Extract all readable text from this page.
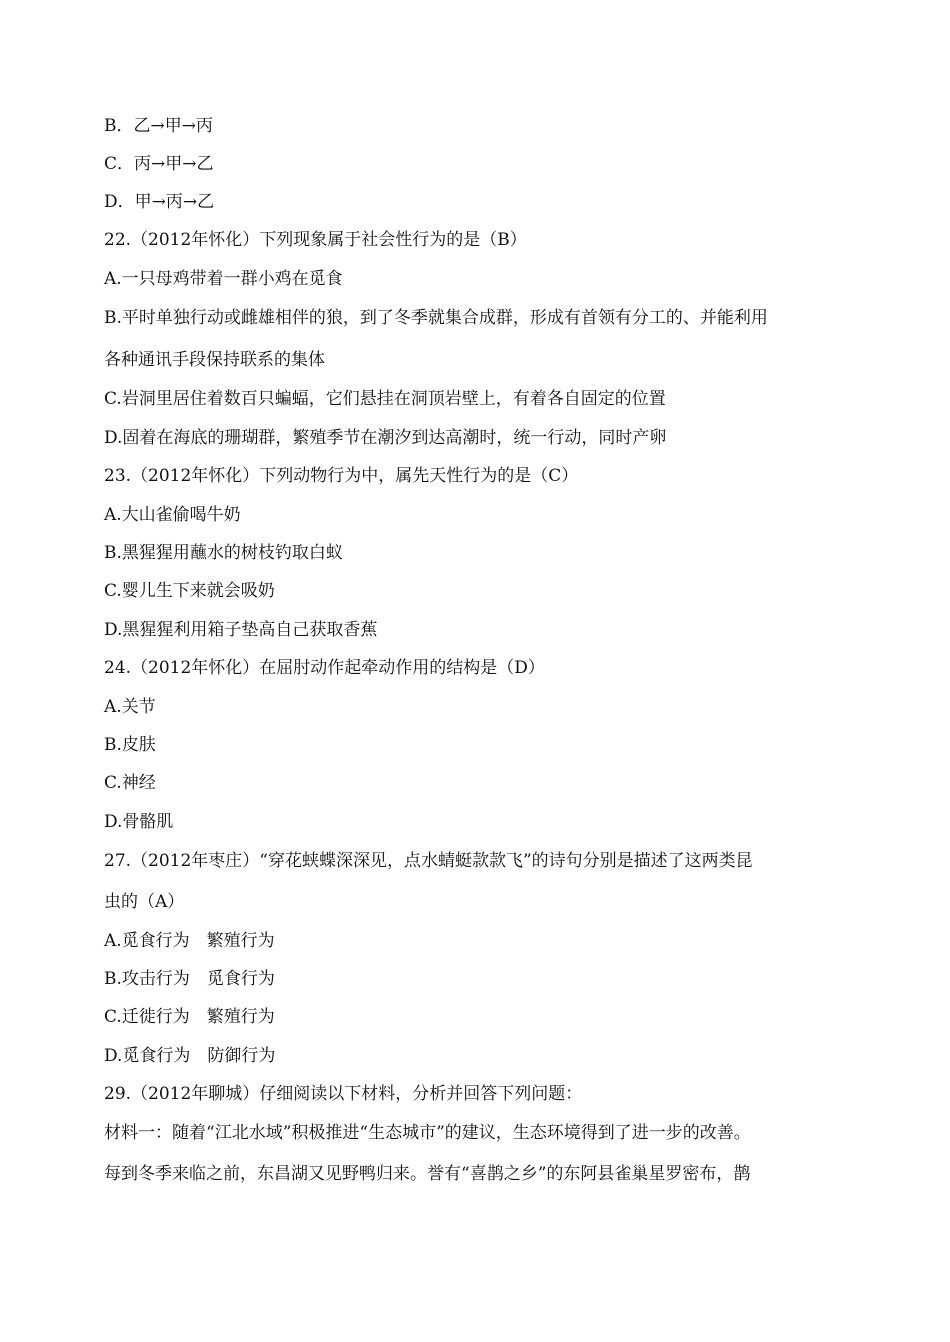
B．乙→甲→丙
C．丙→甲→乙
D．甲→丙→乙
22.（2012年怀化）下列现象属于社会性行为的是（B）
A.一只母鸡带着一群小鸡在觅食
B.平时单独行动或雌雄相伴的狼，到了冬季就集合成群，形成有首领有分工的、并能利用
各种通讯手段保持联系的集体
C.岩洞里居住着数百只蝙蝠，它们悬挂在洞顶岩壁上，有着各自固定的位置
D.固着在海底的珊瑚群，繁殖季节在潮汐到达高潮时，统一行动，同时产卵
23.（2012年怀化）下列动物行为中，属先天性行为的是（C）
A.大山雀偷喝牛奶
B.黑猩猩用蘸水的树枝钓取白蚁
C.婴儿生下来就会吸奶
D.黑猩猩利用箱子垫高自己获取香蕉
24.（2012年怀化）在屈肘动作起牵动作用的结构是（D）
A.关节
B.皮肤
C.神经
D.骨骼肌
27.（2012年枣庄）“穿花蛱蝶深深见，点水蜻蜓款款飞”的诗句分别是描述了这两类昆
虫的（A）
A.觅食行为　繁殖行为
B.攻击行为　觅食行为
C.迁徙行为　繁殖行为
D.觅食行为　防御行为
29.（2012年聊城）仔细阅读以下材料，分析并回答下列问题：
材料一：随着“江北水域”积极推进“生态城市”的建议，生态环境得到了进一步的改善。
每到冬季来临之前，东昌湖又见野鸭归来。誉有“喜鹊之乡”的东阿县雀巢星罗密布，鹊
